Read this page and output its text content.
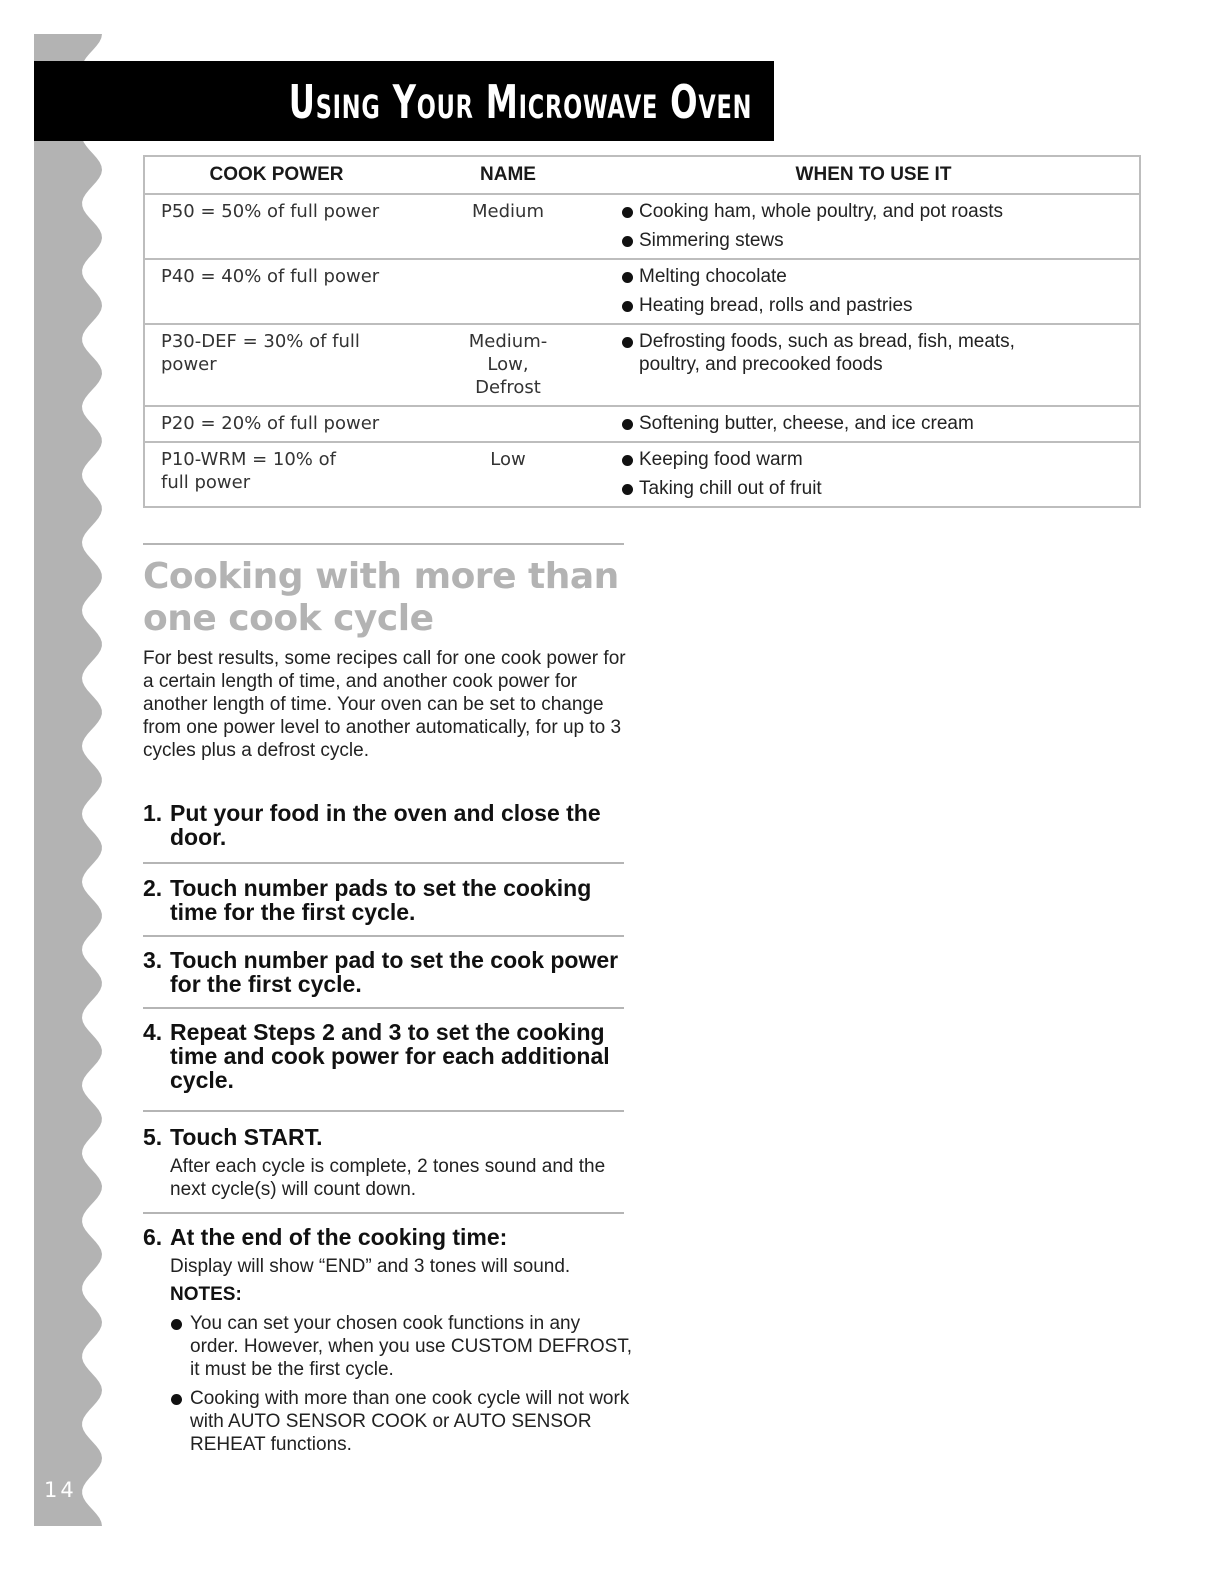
14
Using Your Microwave Oven
COOK POWER	NAME	WHEN TO USE IT
P50 = 50% of full power	Medium	Cooking ham, whole poultry, and pot roasts
Simmering stews

P40 = 40% of full power		Melting chocolate
Heating bread, rolls and pastries

P30-DEF = 30% of full power	Medium-Low, Defrost	Defrosting foods, such as bread, fish, meats, poultry, and precooked foods

P20 = 20% of full power		Softening butter, cheese, and ice cream

P10-WRM = 10% of full power	Low	Keeping food warm
Taking chill out of fruit
Cooking with more than one cook cycle

For best results, some recipes call for one cook power for a certain length of time, and another cook power for another length of time. Your oven can be set to change from one power level to another automatically, for up to 3 cycles plus a defrost cycle.

1. Put your food in the oven and close the door.

2. Touch number pads to set the cooking time for the first cycle.

3. Touch number pad to set the cook power for the first cycle.

4. Repeat Steps 2 and 3 to set the cooking time and cook power for each additional cycle.

5. Touch START.

After each cycle is complete, 2 tones sound and the next cycle(s) will count down.

6. At the end of the cooking time:

Display will show “END” and 3 tones will sound.

NOTES:

You can set your chosen cook functions in any order. However, when you use CUSTOM DEFROST, it must be the first cycle.
Cooking with more than one cook cycle will not work with AUTO SENSOR COOK or AUTO SENSOR REHEAT functions.
